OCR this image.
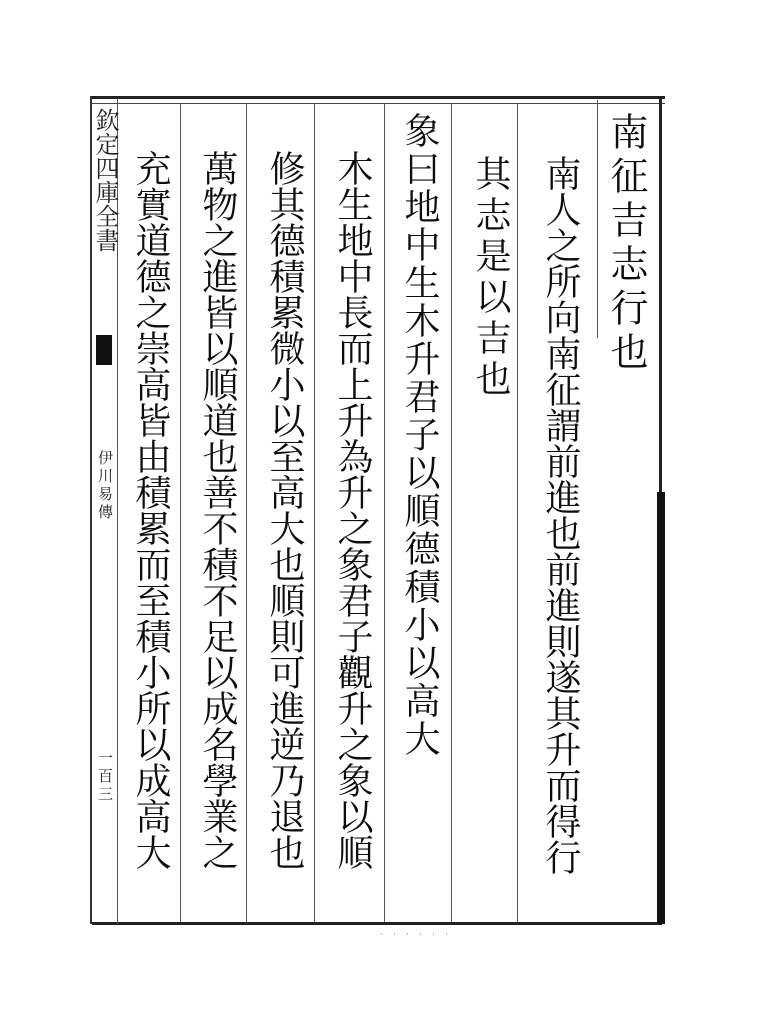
欽定四庫全書
伊川易傳
一百三
南征吉志行也
南人之所向南征謂前進也前進則遂其升而得行
其志是以吉也
象曰地中生木升君子以順德積小以高大
木生地中長而上升為升之象君子觀升之象以順
修其德積累微小以至高大也順則可進逆乃退也
萬物之進皆以順道也善不積不足以成名學業之
充實道德之崇高皆由積累而至積小所以成高大
· · · · · ·
